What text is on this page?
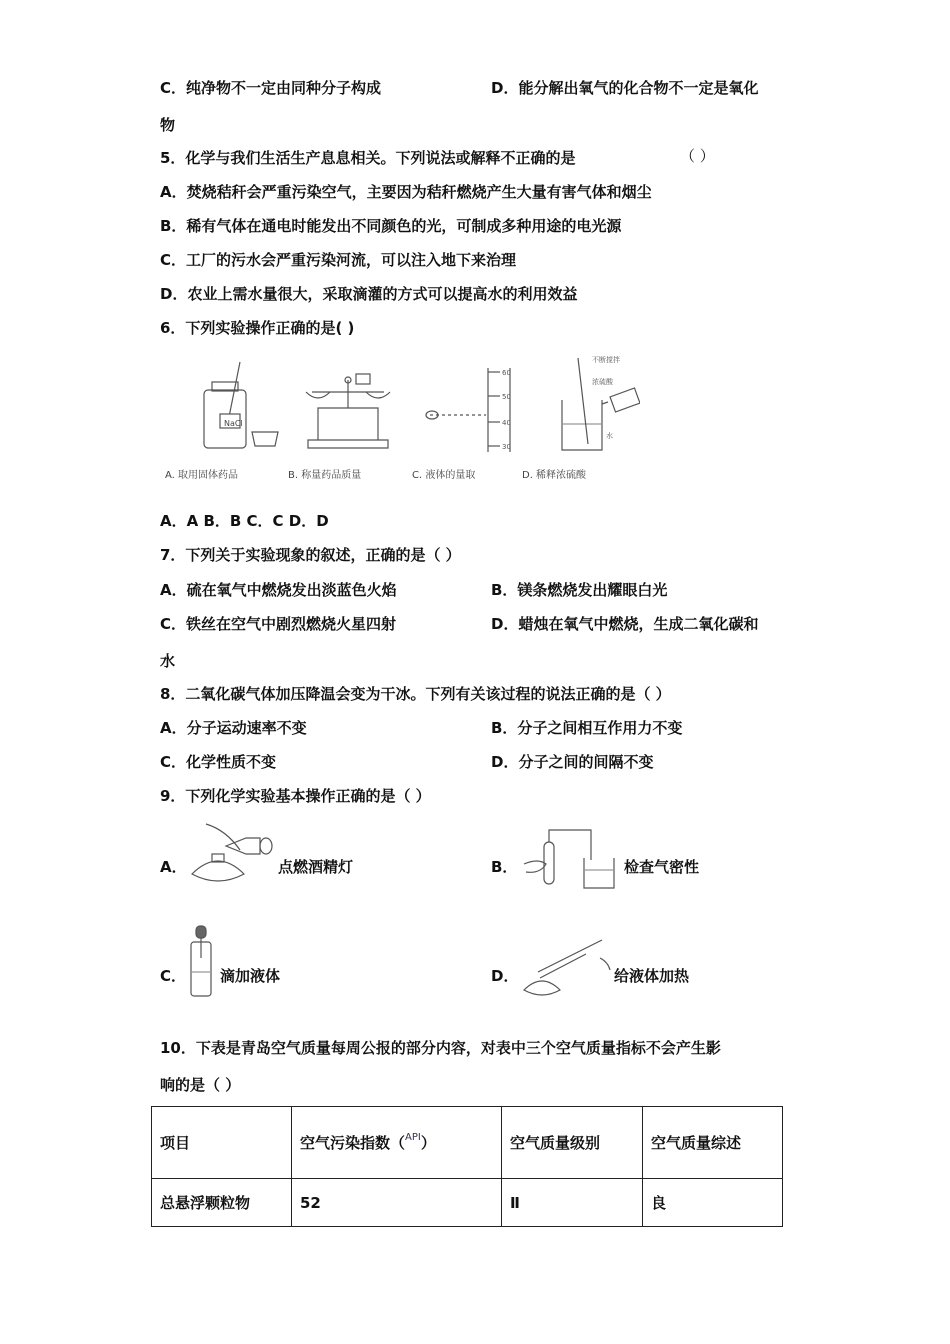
C．纯净物不一定由同种分子构成	D．能分解出氧气的化合物不一定是氧化
物
5．化学与我们生活生产息息相关。下列说法或解释不正确的是	（ ）
A．焚烧秸秆会严重污染空气，主要因为秸秆燃烧产生大量有害气体和烟尘
B．稀有气体在通电时能发出不同颜色的光，可制成多种用途的电光源
C．工厂的污水会严重污染河流，可以注入地下来治理
D．农业上需水量很大，采取滴灌的方式可以提高水的利用效益
6．下列实验操作正确的是( )
NaCl
60
50
40
30
不断搅拌
浓硫酸
水
A. 取用固体药品	B. 称量药品质量	C. 液体的量取	D. 稀释浓硫酸
A．A B．B C．C D．D
7．下列关于实验现象的叙述，正确的是（ ）
A．硫在氧气中燃烧发出淡蓝色火焰	B．镁条燃烧发出耀眼白光
C．铁丝在空气中剧烈燃烧火星四射	D．蜡烛在氧气中燃烧，生成二氧化碳和
水
8．二氧化碳气体加压降温会变为干冰。下列有关该过程的说法正确的是（ ）
A．分子运动速率不变	B．分子之间相互作用力不变
C．化学性质不变	D．分子之间的间隔不变
9．下列化学实验基本操作正确的是（ ）
A．	点燃酒精灯	B．	检查气密性
C． 滴加液体	D．	给液体加热
10．下表是青岛空气质量每周公报的部分内容，对表中三个空气质量指标不会产生影
响的是（ ）
项目	空气污染指数（$^{API}$）	空气质量级别	空气质量综述
总悬浮颗粒物	52	Ⅱ	良
